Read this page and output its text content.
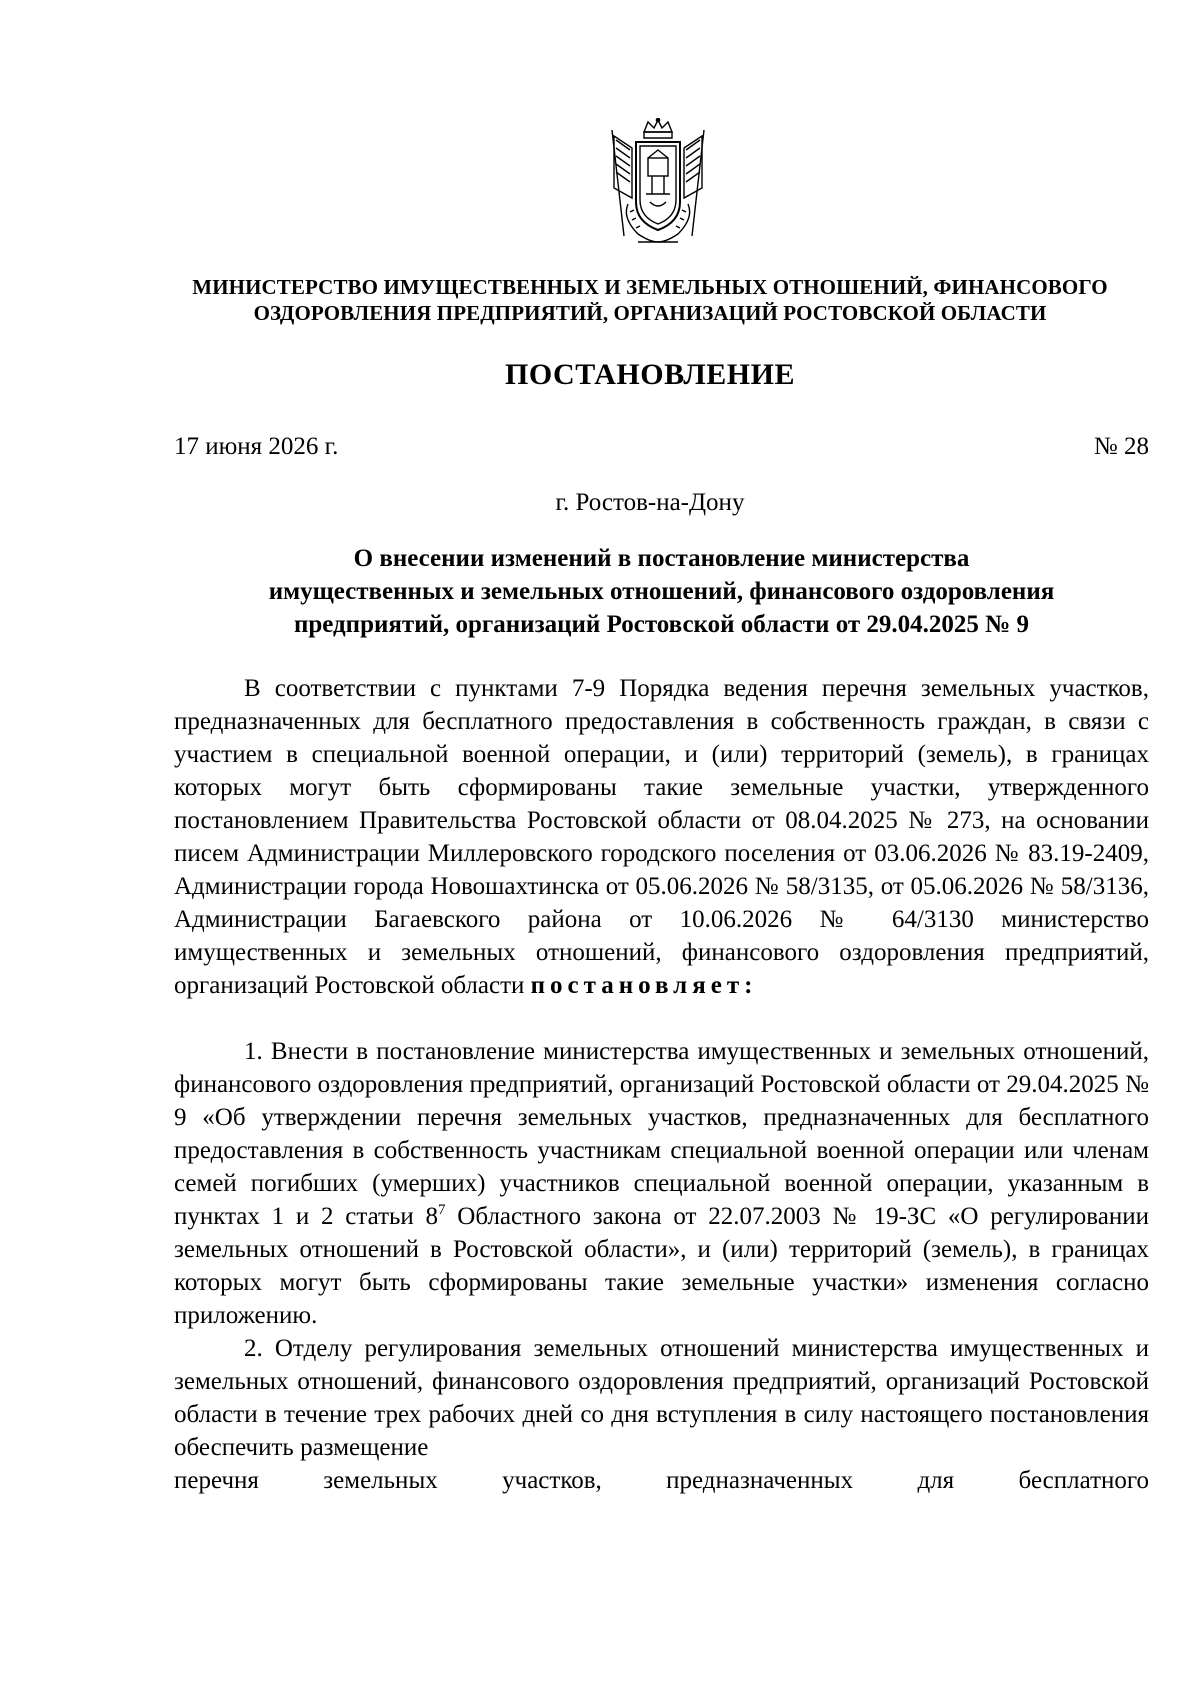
МИНИСТЕРСТВО ИМУЩЕСТВЕННЫХ И ЗЕМЕЛЬНЫХ ОТНОШЕНИЙ, ФИНАНСОВОГО
ОЗДОРОВЛЕНИЯ ПРЕДПРИЯТИЙ, ОРГАНИЗАЦИЙ РОСТОВСКОЙ ОБЛАСТИ
ПОСТАНОВЛЕНИЕ
17 июня 2026 г.	№ 28
г. Ростов-на-Дону
О внесении изменений в постановление министерства
имущественных и земельных отношений, финансового оздоровления
предприятий, организаций Ростовской области от 29.04.2025 № 9

В соответствии с пунктами 7-9 Порядка ведения перечня земельных участков, предназначенных для бесплатного предоставления в собственность граждан, в связи с участием в специальной военной операции, и (или) территорий (земель), в границах которых могут быть сформированы такие земельные участки, утвержденного постановлением Правительства Ростовской области от 08.04.2025 № 273, на основании писем Администрации Миллеровского городского поселения от 03.06.2026 № 83.19-2409, Администрации города Новошахтинска от 05.06.2026 № 58/3135, от 05.06.2026 № 58/3136, Администрации Багаевского района от 10.06.2026 № 64/3130 министерство имущественных и земельных отношений, финансового оздоровления предприятий, организаций Ростовской области постановляет:

1. Внести в постановление министерства имущественных и земельных отношений, финансового оздоровления предприятий, организаций Ростовской области от 29.04.2025 № 9 «Об утверждении перечня земельных участков, предназначенных для бесплатного предоставления в собственность участникам специальной военной операции или членам семей погибших (умерших) участников специальной военной операции, указанным в пунктах 1 и 2 статьи $8^7$ Областного закона от 22.07.2003 № 19-ЗС «О регулировании земельных отношений в Ростовской области», и (или) территорий (земель), в границах которых могут быть сформированы такие земельные участки» изменения согласно приложению.

2. Отделу регулирования земельных отношений министерства имущественных и земельных отношений, финансового оздоровления предприятий, организаций Ростовской области в течение трех рабочих дней со дня вступления в силу настоящего постановления обеспечить размещение
перечня земельных участков, предназначенных для бесплатного
